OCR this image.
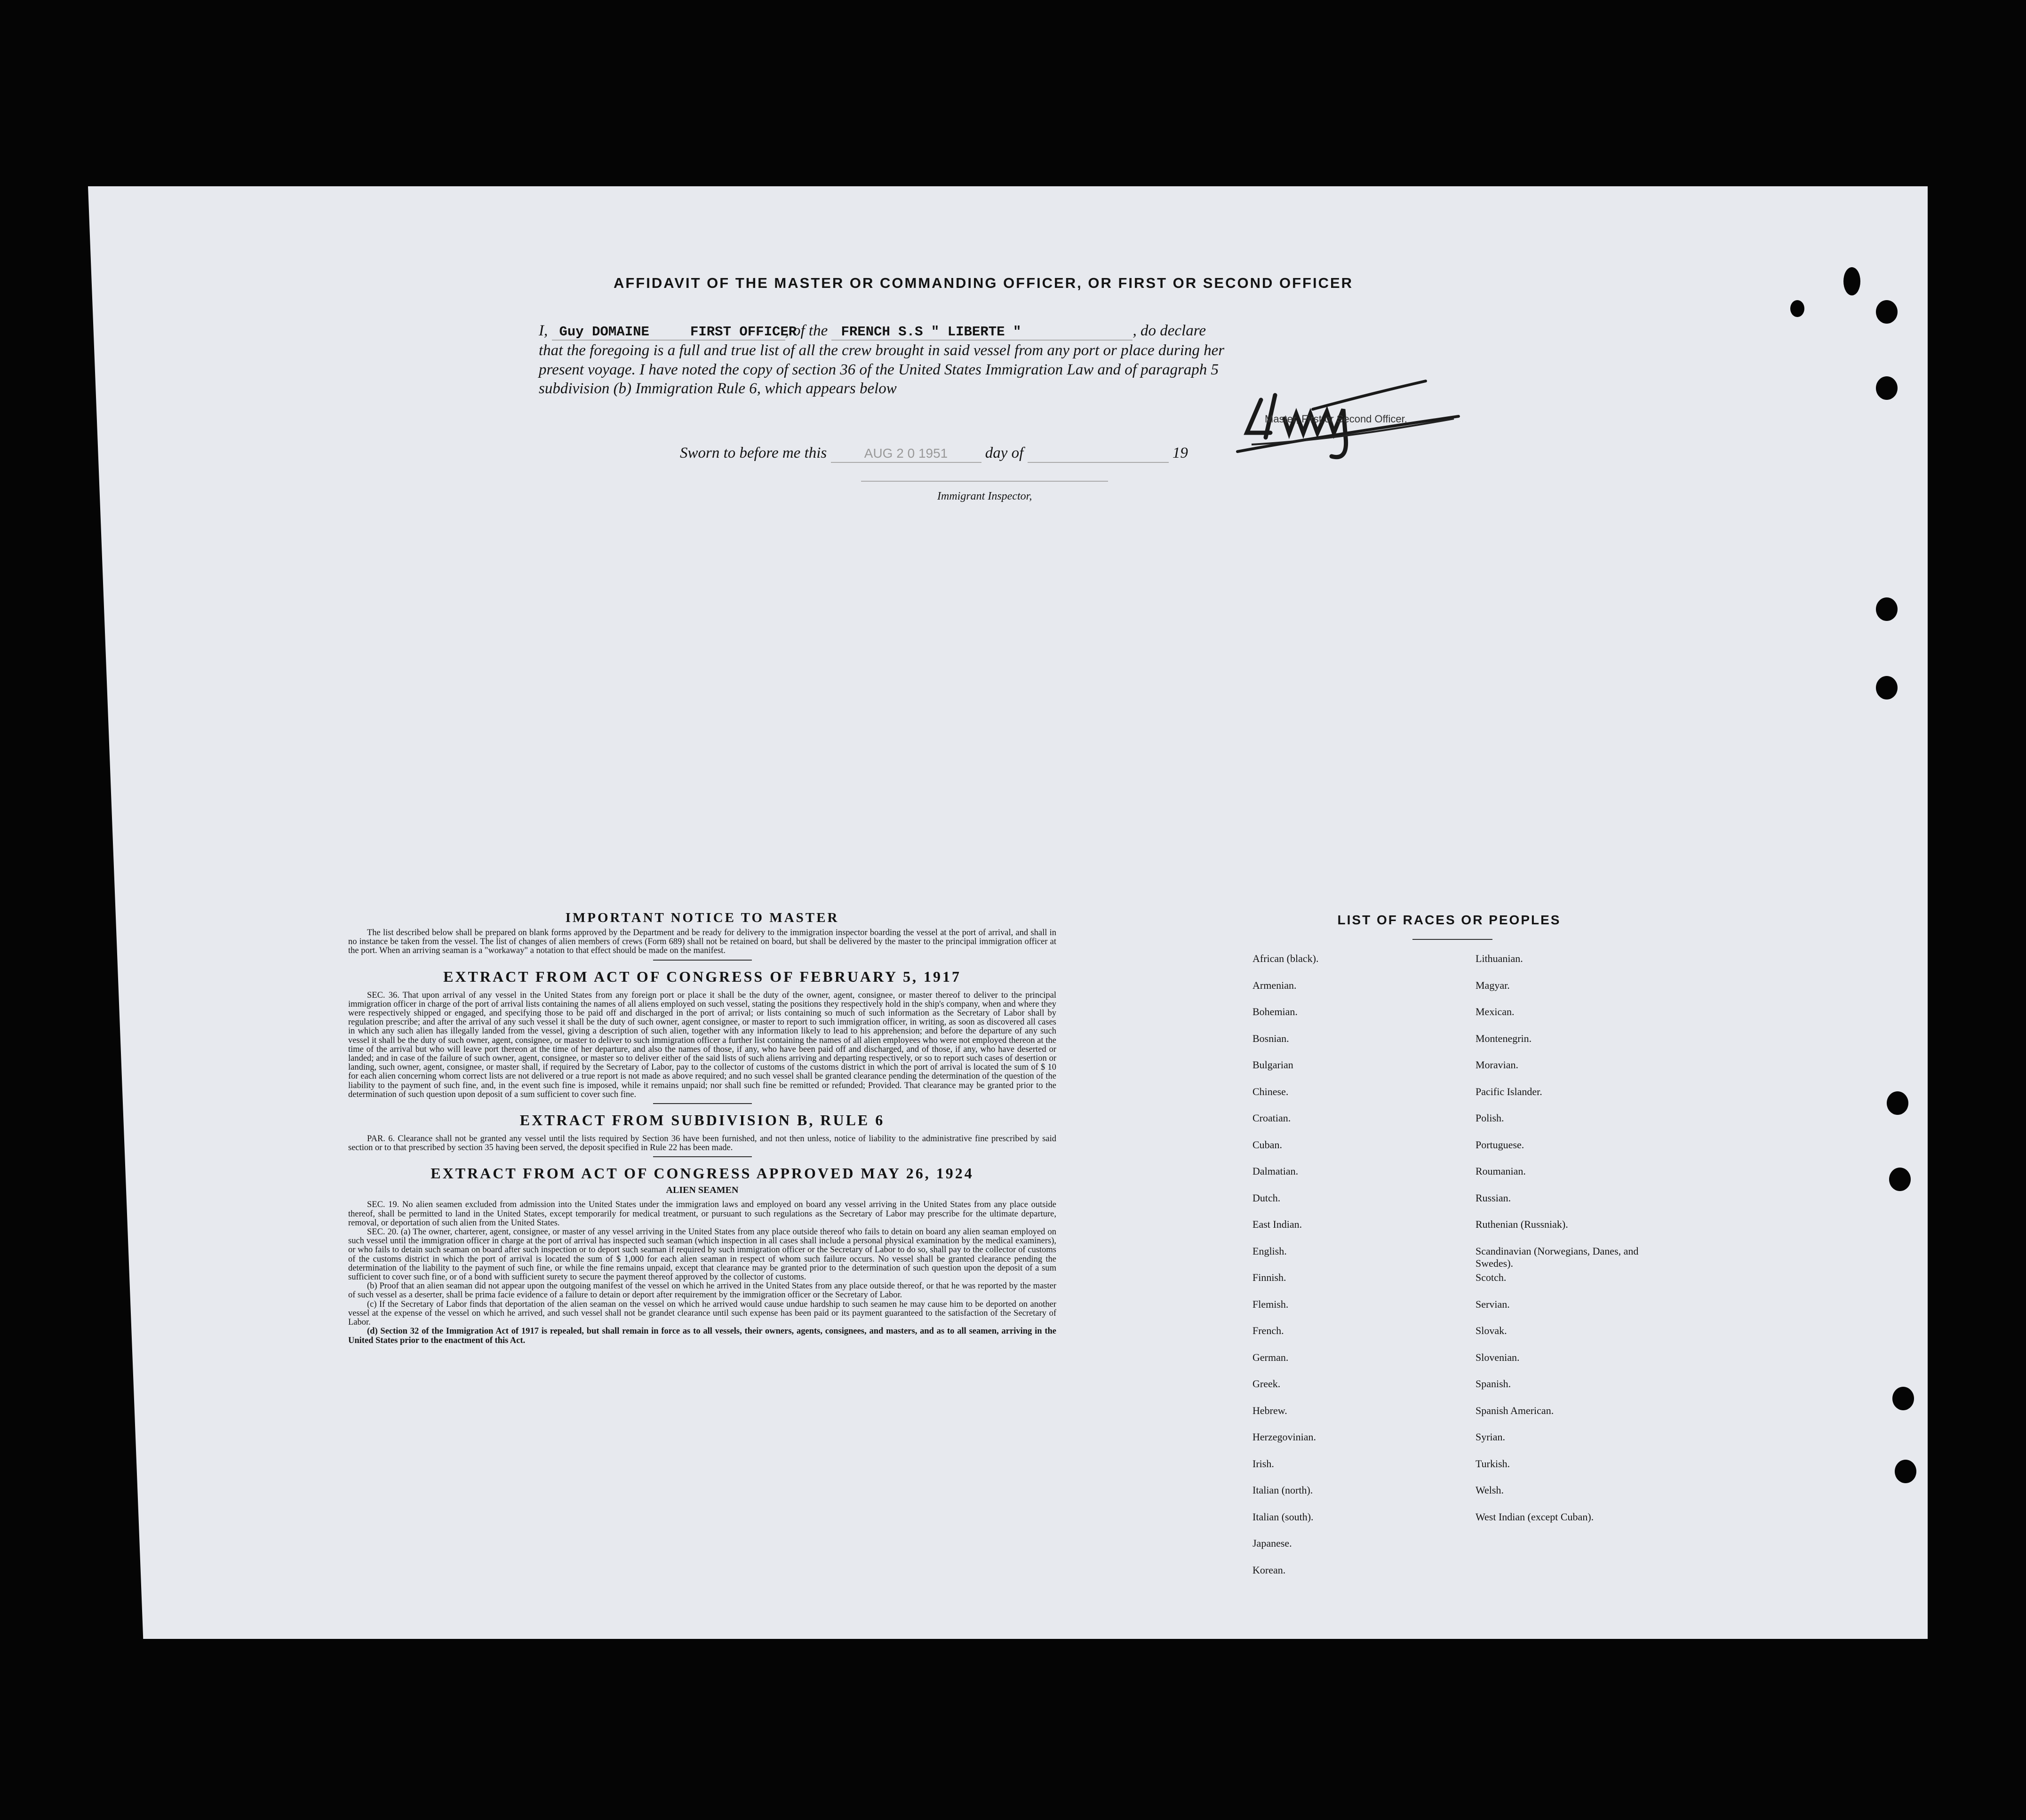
AFFIDAVIT OF THE MASTER OR COMMANDING OFFICER, OR FIRST OR SECOND OFFICER
I, Guy DOMAINE	FIRST OFFICER, of the FRENCH S.S " LIBERTE "	, do declare
that the foregoing is a full and true list of all the crew brought in said vessel from any port or place during her
present voyage. I have noted the copy of section 36 of the United States Immigration Law and of paragraph 5
subdivision (b) Immigration Rule 6, which appears below
Master, First or Second Officer.
Sworn to before me this	AUG 2 0 1951 day of	19
Immigrant Inspector,
IMPORTANT NOTICE TO MASTER
The list described below shall be prepared on blank forms approved by the Department and be ready for delivery to the immigration inspector boarding the vessel at the port of arrival, and shall in no instance be taken from the vessel. The list of changes of alien members of crews (Form 689) shall not be retained on board, but shall be delivered by the master to the principal immigration officer at the port. When an arriving seaman is a "workaway" a notation to that effect should be made on the manifest.
EXTRACT FROM ACT OF CONGRESS OF FEBRUARY 5, 1917
SEC. 36. That upon arrival of any vessel in the United States from any foreign port or place it shall be the duty of the owner, agent, consignee, or master thereof to deliver to the principal immigration officer in charge of the port of arrival lists containing the names of all aliens employed on such vessel, stating the positions they respectively hold in the ship's company, when and where they were respectively shipped or engaged, and specifying those to be paid off and discharged in the port of arrival; or lists containing so much of such information as the Secretary of Labor shall by regulation prescribe; and after the arrival of any such vessel it shall be the duty of such owner, agent consignee, or master to report to such immigration officer, in writing, as soon as discovered all cases in which any such alien has illegally landed from the vessel, giving a description of such alien, together with any information likely to lead to his apprehension; and before the departure of any such vessel it shall be the duty of such owner, agent, consignee, or master to deliver to such immigration officer a further list containing the names of all alien employees who were not employed thereon at the time of the arrival but who will leave port thereon at the time of her departure, and also the names of those, if any, who have been paid off and discharged, and of those, if any, who have deserted or landed; and in case of the failure of such owner, agent, consignee, or master so to deliver either of the said lists of such aliens arriving and departing respectively, or so to report such cases of desertion or landing, such owner, agent, consignee, or master shall, if required by the Secretary of Labor, pay to the collector of customs of the customs district in which the port of arrival is located the sum of $ 10 for each alien concerning whom correct lists are not delivered or a true report is not made as above required; and no such vessel shall be granted clearance pending the determination of the question of the liability to the payment of such fine, and, in the event such fine is imposed, while it remains unpaid; nor shall such fine be remitted or refunded; Provided. That clearance may be granted prior to the determination of such question upon deposit of a sum sufficient to cover such fine.
EXTRACT FROM SUBDIVISION B, RULE 6
PAR. 6. Clearance shall not be granted any vessel until the lists required by Section 36 have been furnished, and not then unless, notice of liability to the administrative fine prescribed by said section or to that prescribed by section 35 having been served, the deposit specified in Rule 22 has been made.
EXTRACT FROM ACT OF CONGRESS APPROVED MAY 26, 1924
ALIEN SEAMEN
SEC. 19. No alien seamen excluded from admission into the United States under the immigration laws and employed on board any vessel arriving in the United States from any place outside thereof, shall be permitted to land in the United States, except temporarily for medical treatment, or pursuant to such regulations as the Secretary of Labor may prescribe for the ultimate departure, removal, or deportation of such alien from the United States.
SEC. 20. (a) The owner, charterer, agent, consignee, or master of any vessel arriving in the United States from any place outside thereof who fails to detain on board any alien seaman employed on such vessel until the immigration officer in charge at the port of arrival has inspected such seaman (which inspection in all cases shall include a personal physical examination by the medical examiners), or who fails to detain such seaman on board after such inspection or to deport such seaman if required by such immigration officer or the Secretary of Labor to do so, shall pay to the collector of customs of the customs district in which the port of arrival is located the sum of $ 1,000 for each alien seaman in respect of whom such failure occurs. No vessel shall be granted clearance pending the determination of the liability to the payment of such fine, or while the fine remains unpaid, except that clearance may be granted prior to the determination of such question upon the deposit of a sum sufficient to cover such fine, or of a bond with sufficient surety to secure the payment thereof approved by the collector of customs.
(b) Proof that an alien seaman did not appear upon the outgoing manifest of the vessel on which he arrived in the United States from any place outside thereof, or that he was reported by the master of such vessel as a deserter, shall be prima facie evidence of a failure to detain or deport after requirement by the immigration officer or the Secretary of Labor.
(c) If the Secretary of Labor finds that deportation of the alien seaman on the vessel on which he arrived would cause undue hardship to such seamen he may cause him to be deported on another vessel at the expense of the vessel on which he arrived, and such vessel shall not be grandet clearance until such expense has been paid or its payment guaranteed to the satisfaction of the Secretary of Labor.
(d) Section 32 of the Immigration Act of 1917 is repealed, but shall remain in force as to all vessels, their owners, agents, consignees, and masters, and as to all seamen, arriving in the United States prior to the enactment of this Act.
LIST OF RACES OR PEOPLES
African (black).
Armenian.
Bohemian.
Bosnian.
Bulgarian
Chinese.
Croatian.
Cuban.
Dalmatian.
Dutch.
East Indian.
English.
Finnish.
Flemish.
French.
German.
Greek.
Hebrew.
Herzegovinian.
Irish.
Italian (north).
Italian (south).
Japanese.
Korean.
Lithuanian.
Magyar.
Mexican.
Montenegrin.
Moravian.
Pacific Islander.
Polish.
Portuguese.
Roumanian.
Russian.
Ruthenian (Russniak).
Scandinavian (Norwegians, Danes, and Swedes).
Scotch.
Servian.
Slovak.
Slovenian.
Spanish.
Spanish American.
Syrian.
Turkish.
Welsh.
West Indian (except Cuban).
